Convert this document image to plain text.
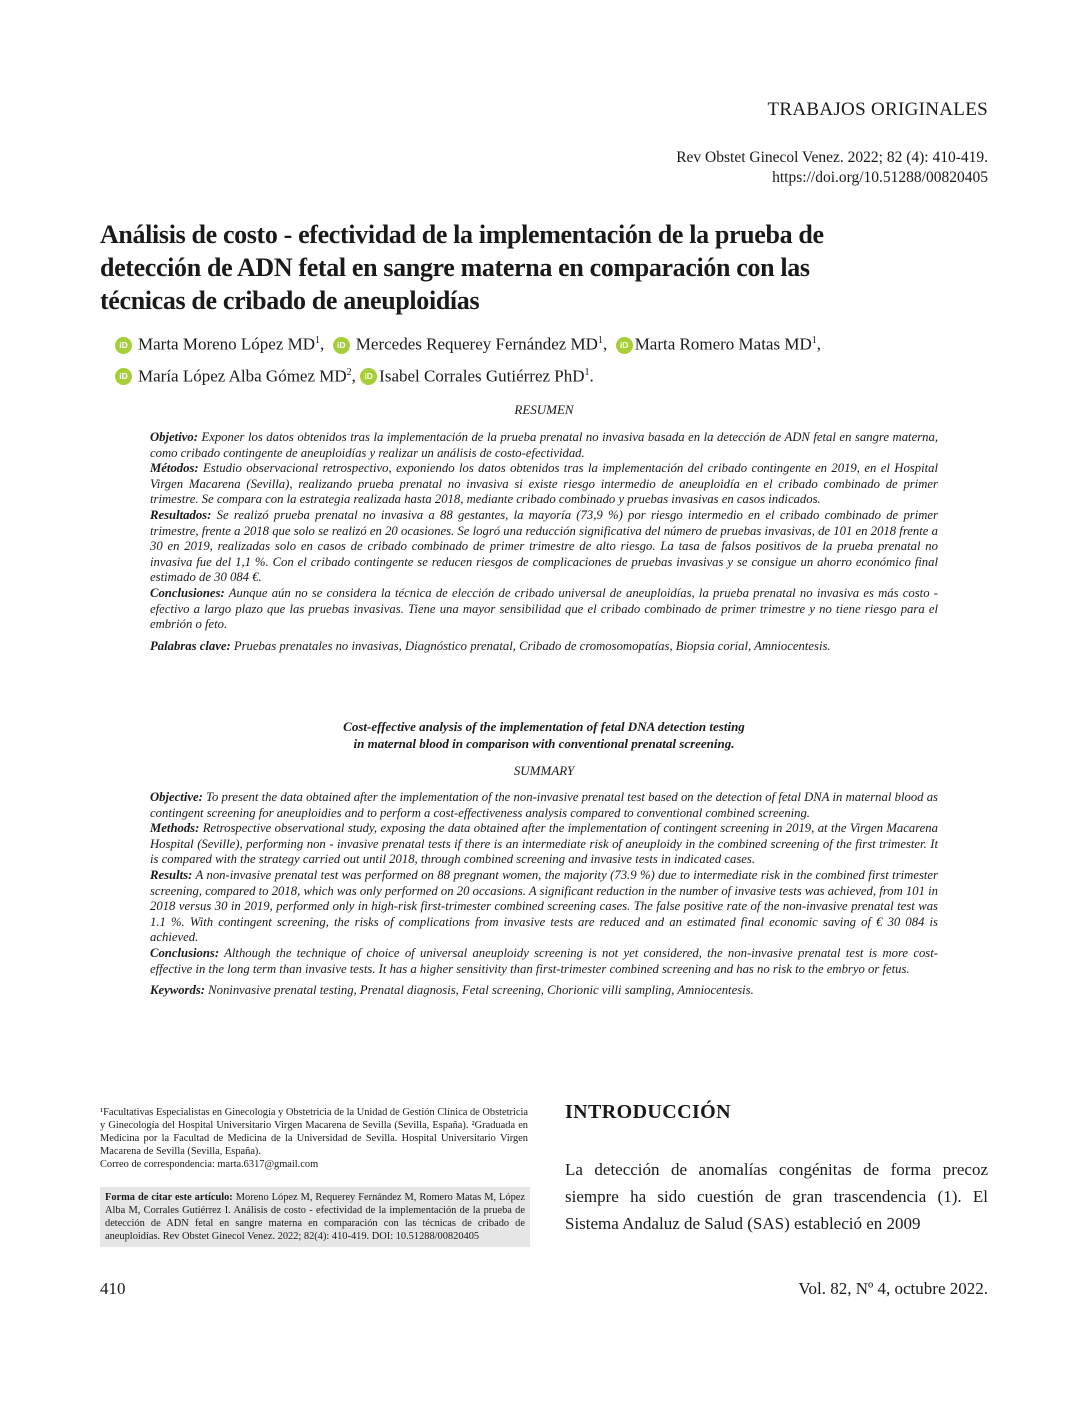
TRABAJOS ORIGINALES
Rev Obstet Ginecol Venez. 2022; 82 (4): 410-419.
https://doi.org/10.51288/00820405
Análisis de costo - efectividad de la implementación de la prueba de
detección de ADN fetal en sangre materna en comparación con las
técnicas de cribado de aneuploidías
iD Marta Moreno López $MD^1$, iD Mercedes Requerey Fernández $MD^1$, iD Marta Romero Matas $MD^1$,
iD María López Alba Gómez $MD^2$, iD Isabel Corrales Gutiérrez PhD$^1$.
RESUMEN

Objetivo: Exponer los datos obtenidos tras la implementación de la prueba prenatal no invasiva basada en la detección de ADN fetal en sangre materna, como cribado contingente de aneuploidías y realizar un análisis de costo-efectividad.

Métodos: Estudio observacional retrospectivo, exponiendo los datos obtenidos tras la implementación del cribado contingente en 2019, en el Hospital Virgen Macarena (Sevilla), realizando prueba prenatal no invasiva si existe riesgo intermedio de aneuploidía en el cribado combinado de primer trimestre. Se compara con la estrategia realizada hasta 2018, mediante cribado combinado y pruebas invasivas en casos indicados.

Resultados: Se realizó prueba prenatal no invasiva a 88 gestantes, la mayoría (73,9 %) por riesgo intermedio en el cribado combinado de primer trimestre, frente a 2018 que solo se realizó en 20 ocasiones. Se logró una reducción significativa del número de pruebas invasivas, de 101 en 2018 frente a 30 en 2019, realizadas solo en casos de cribado combinado de primer trimestre de alto riesgo. La tasa de falsos positivos de la prueba prenatal no invasiva fue del 1,1 %. Con el cribado contingente se reducen riesgos de complicaciones de pruebas invasivas y se consigue un ahorro económico final estimado de 30 084 €.

Conclusiones: Aunque aún no se considera la técnica de elección de cribado universal de aneuploidías, la prueba prenatal no invasiva es más costo - efectivo a largo plazo que las pruebas invasivas. Tiene una mayor sensibilidad que el cribado combinado de primer trimestre y no tiene riesgo para el embrión o feto.

Palabras clave: Pruebas prenatales no invasivas, Diagnóstico prenatal, Cribado de cromosomopatías, Biopsia corial, Amniocentesis.

Cost-effective analysis of the implementation of fetal DNA detection testing
in maternal blood in comparison with conventional prenatal screening.
SUMMARY

Objective: To present the data obtained after the implementation of the non-invasive prenatal test based on the detection of fetal DNA in maternal blood as contingent screening for aneuploidies and to perform a cost-effectiveness analysis compared to conventional combined screening.

Methods: Retrospective observational study, exposing the data obtained after the implementation of contingent screening in 2019, at the Virgen Macarena Hospital (Seville), performing non - invasive prenatal tests if there is an intermediate risk of aneuploidy in the combined screening of the first trimester. It is compared with the strategy carried out until 2018, through combined screening and invasive tests in indicated cases.

Results: A non-invasive prenatal test was performed on 88 pregnant women, the majority (73.9 %) due to intermediate risk in the combined first trimester screening, compared to 2018, which was only performed on 20 occasions. A significant reduction in the number of invasive tests was achieved, from 101 in 2018 versus 30 in 2019, performed only in high-risk first-trimester combined screening cases. The false positive rate of the non-invasive prenatal test was 1.1 %. With contingent screening, the risks of complications from invasive tests are reduced and an estimated final economic saving of € 30 084 is achieved.

Conclusions: Although the technique of choice of universal aneuploidy screening is not yet considered, the non-invasive prenatal test is more cost-effective in the long term than invasive tests. It has a higher sensitivity than first-trimester combined screening and has no risk to the embryo or fetus.

Keywords: Noninvasive prenatal testing, Prenatal diagnosis, Fetal screening, Chorionic villi sampling, Amniocentesis.

¹Facultativas Especialistas en Ginecología y Obstetricia de la Unidad de Gestión Clínica de Obstetricia y Ginecología del Hospital Universitario Virgen Macarena de Sevilla (Sevilla, España). ²Graduada en Medicina por la Facultad de Medicina de la Universidad de Sevilla. Hospital Universitario Virgen Macarena de Sevilla (Sevilla, España).
Correo de correspondencia: marta.6317@gmail.com
Forma de citar este artículo: Moreno López M, Requerey Fernández M, Romero Matas M, López Alba M, Corrales Gutiérrez I. Análisis de costo - efectividad de la implementación de la prueba de detección de ADN fetal en sangre materna en comparación con las técnicas de cribado de aneuploidías. Rev Obstet Ginecol Venez. 2022; 82(4): 410-419. DOI: 10.51288/00820405
INTRODUCCIÓN
La detección de anomalías congénitas de forma precoz siempre ha sido cuestión de gran trascendencia (1). El Sistema Andaluz de Salud (SAS) estableció en 2009
410	Vol. 82, Nº 4, octubre 2022.
